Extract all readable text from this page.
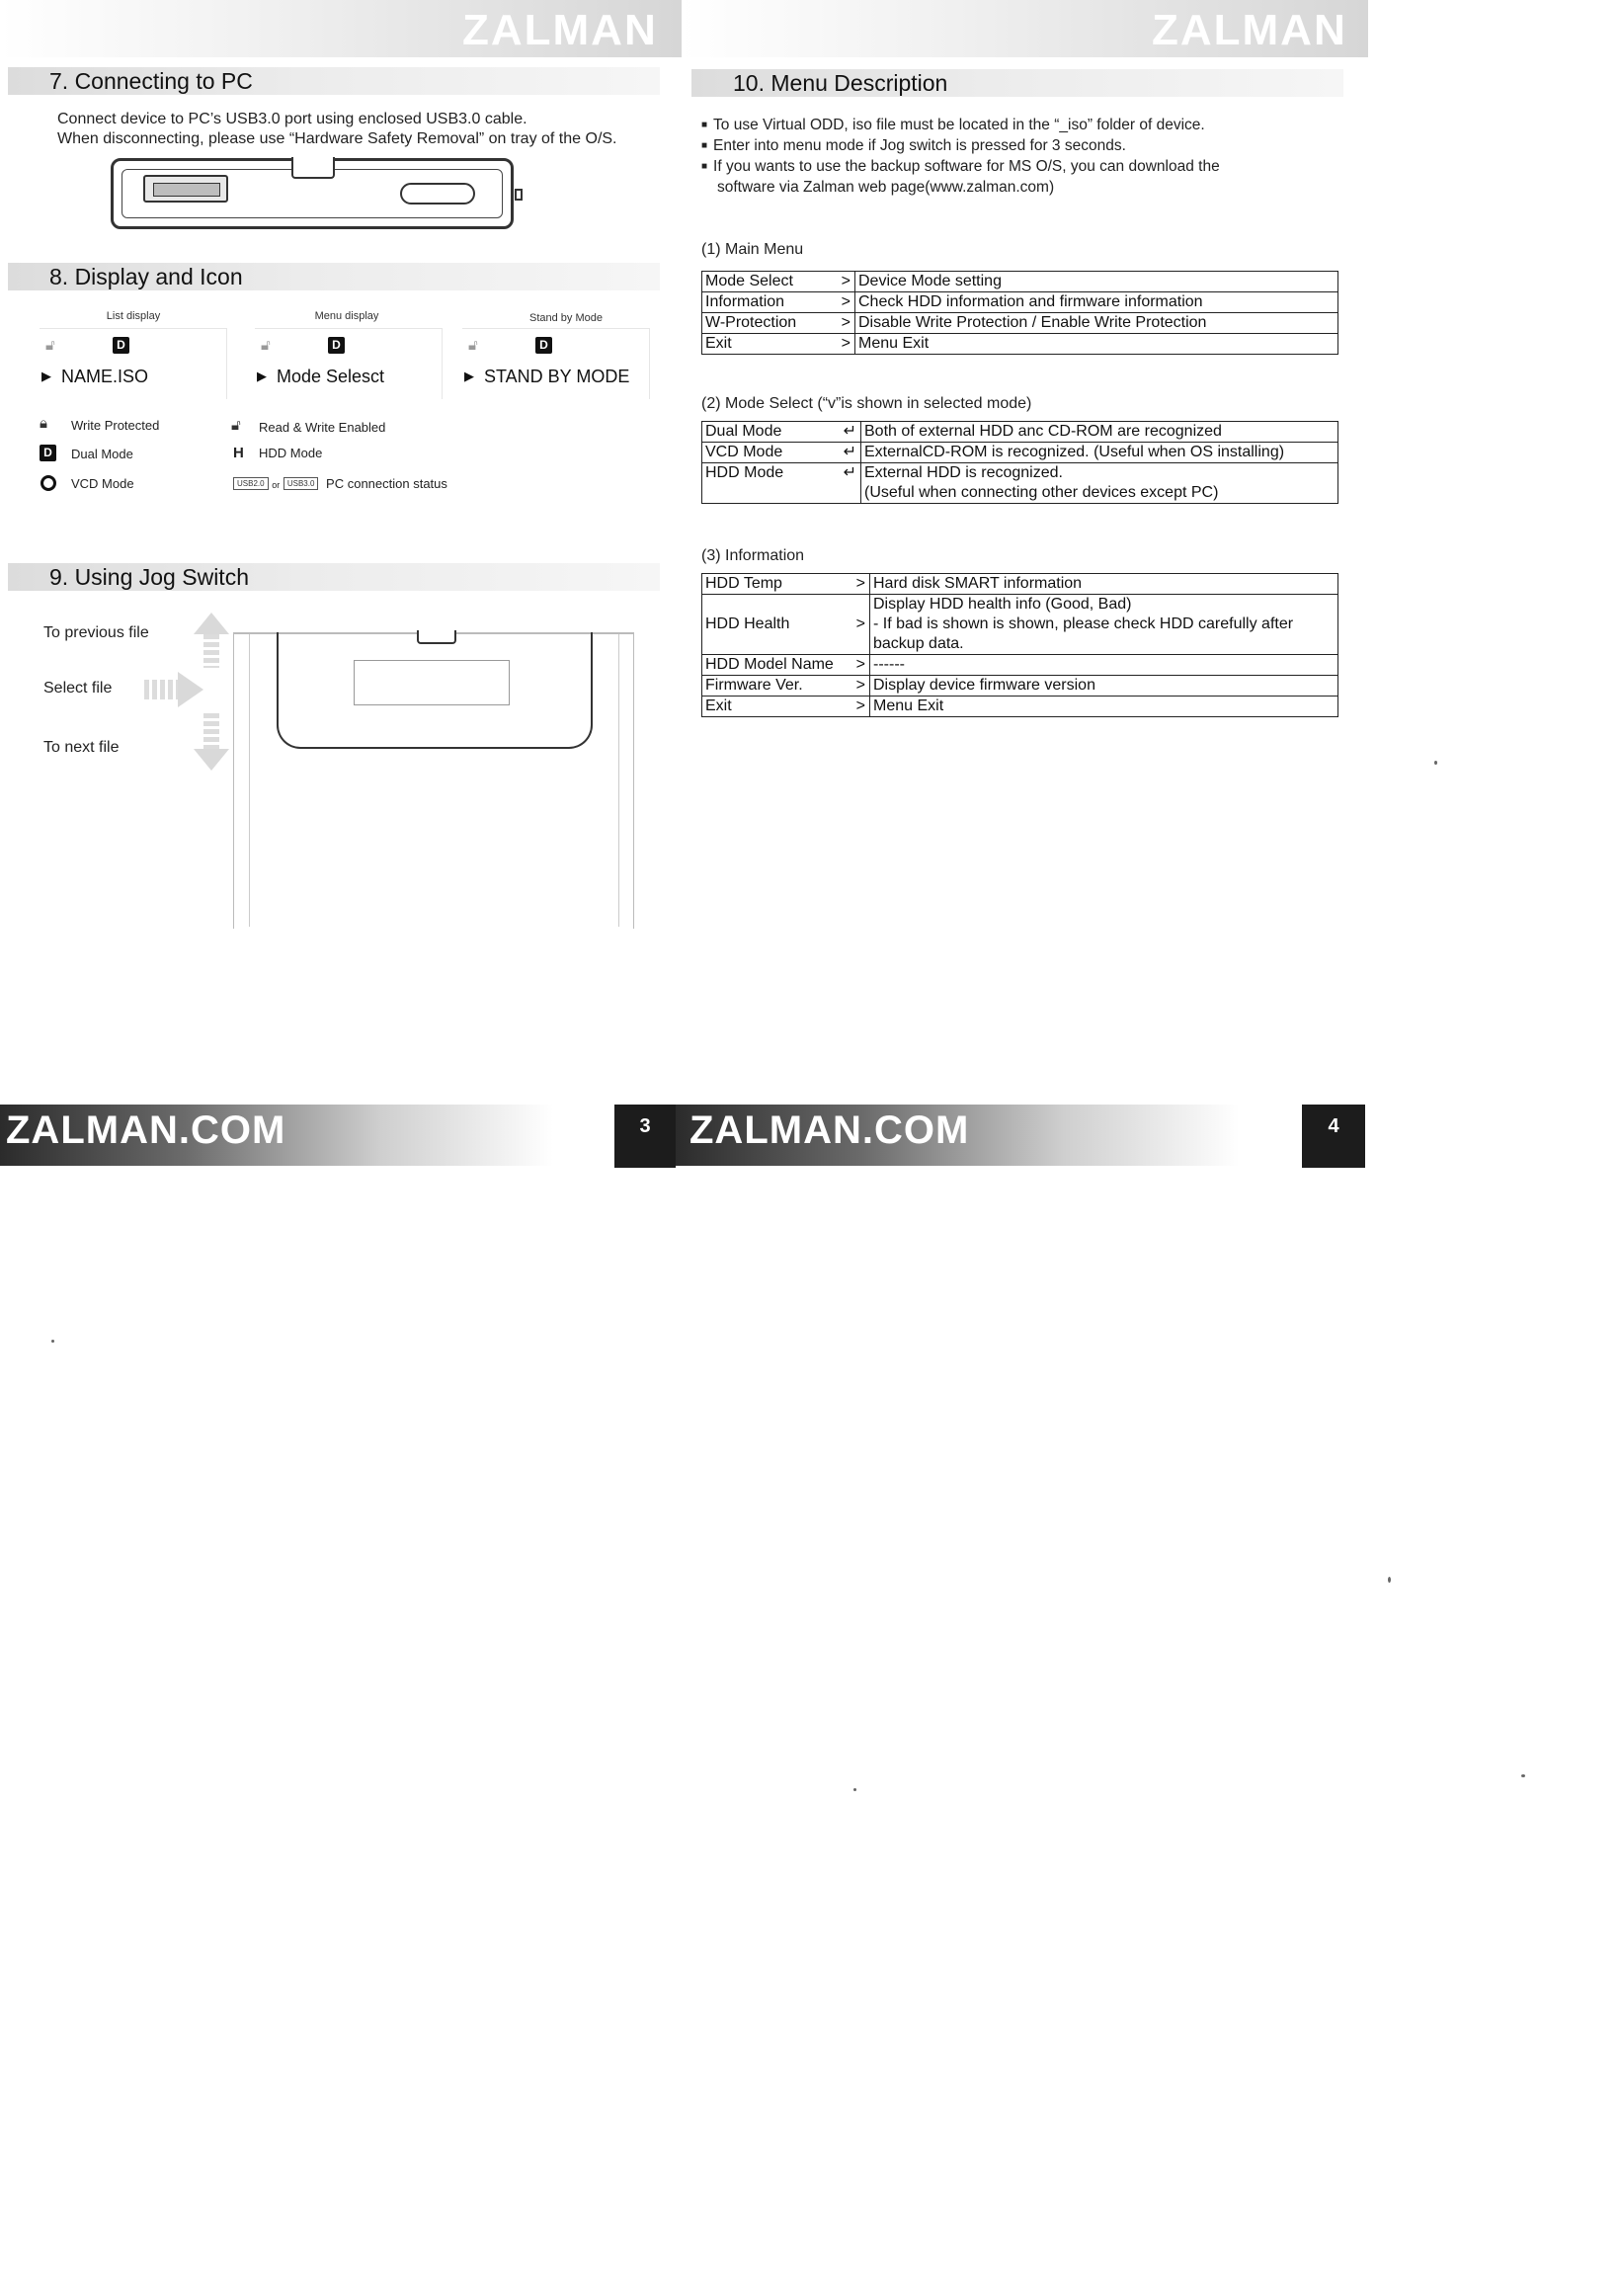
ZALMAN	ZALMAN
7. Connecting to PC
Connect device to PC’s USB3.0 port using enclosed USB3.0 cable.
When disconnecting, please use “Hardware Safety Removal” on tray of the O/S.
8. Display and Icon
List display
🔓︎	D
▶ NAME.ISO
Menu display
🔓︎	D
▶ Mode Selesct
Stand by Mode
🔓︎	D
▶ STAND BY MODE
🔒︎ Write Protected
D	Dual Mode
VCD Mode
🔓︎ Read & Write Enabled
H HDD Mode
USB2.0 or USB3.0 PC connection status
9. Using Jog Switch
To previous file
Select file
To next file
10. Menu Description
■ To use Virtual ODD, iso file must be located in the “_iso” folder of device.
■ Enter into menu mode if Jog switch is pressed for 3 seconds.
■ If you wants to use the backup software for MS O/S, you can download the
software via Zalman web page(www.zalman.com)
(1) Main Menu
Mode Select	>	Device Mode setting
Information	>	Check HDD information and firmware information
W-Protection	>	Disable Write Protection / Enable Write Protection
Exit	>	Menu Exit
(2) Mode Select (“v”is shown in selected mode)
Dual Mode	↵	Both of external HDD anc CD-ROM are recognized
VCD Mode	↵	ExternalCD-ROM is recognized. (Useful when OS installing)
HDD Mode	↵	External HDD is recognized.
(Useful when connecting other devices except PC)
(3) Information
HDD Temp	>	Hard disk SMART information
HDD Health	>	Display HDD health info (Good, Bad)
- If bad is shown is shown, please check HDD carefully after
backup data.

HDD Model Name	>	------
Firmware Ver.	>	Display device firmware version
Exit	>	Menu Exit
ZALMAN.COM	3 ZALMAN.COM	4
